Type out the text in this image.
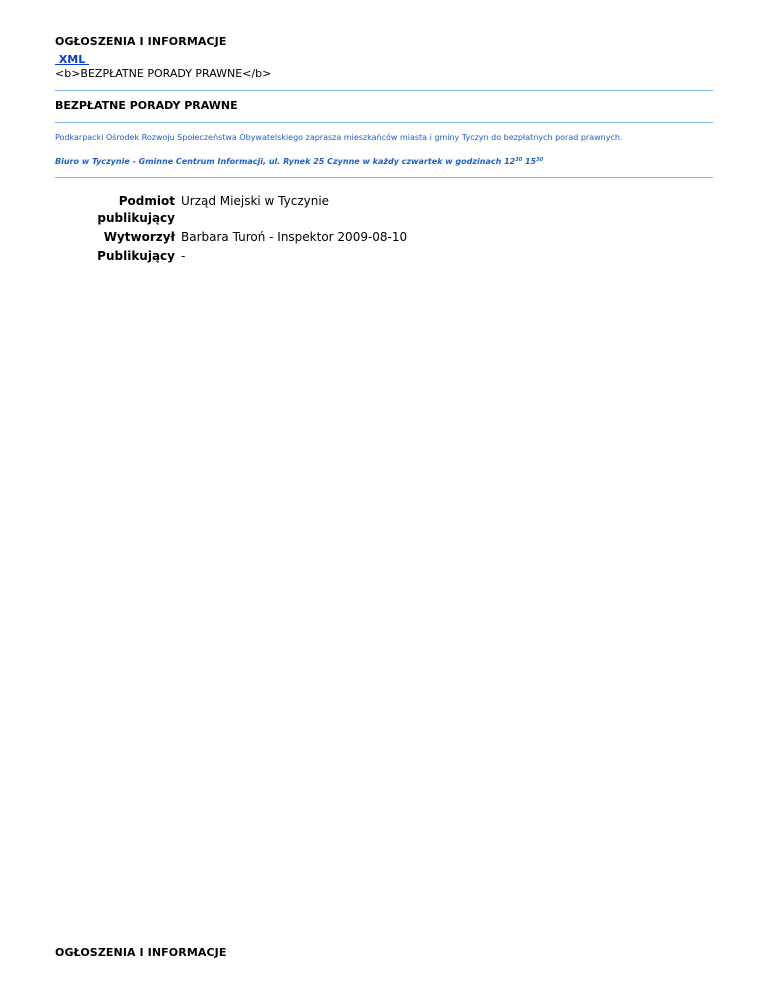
OGŁOSZENIA I INFORMACJE
XML
<b>BEZPŁATNE PORADY PRAWNE</b>
BEZPŁATNE PORADY PRAWNE
Podkarpacki Ośrodek Rozwoju Społeczeństwa Obywatelskiego zaprasza mieszkańców miasta i gminy Tyczyn do bezpłatnych porad prawnych.
Biuro w Tyczynie - Gminne Centrum Informacji, ul. Rynek 25 Czynne w każdy czwartek w godzinach $12^{30}$ $15^{30}$
Podmiot publikujący	Urząd Miejski w Tyczynie
Wytworzył	Barbara Turoń - Inspektor 2009-08-10
Publikujący	-
OGŁOSZENIA I INFORMACJE
